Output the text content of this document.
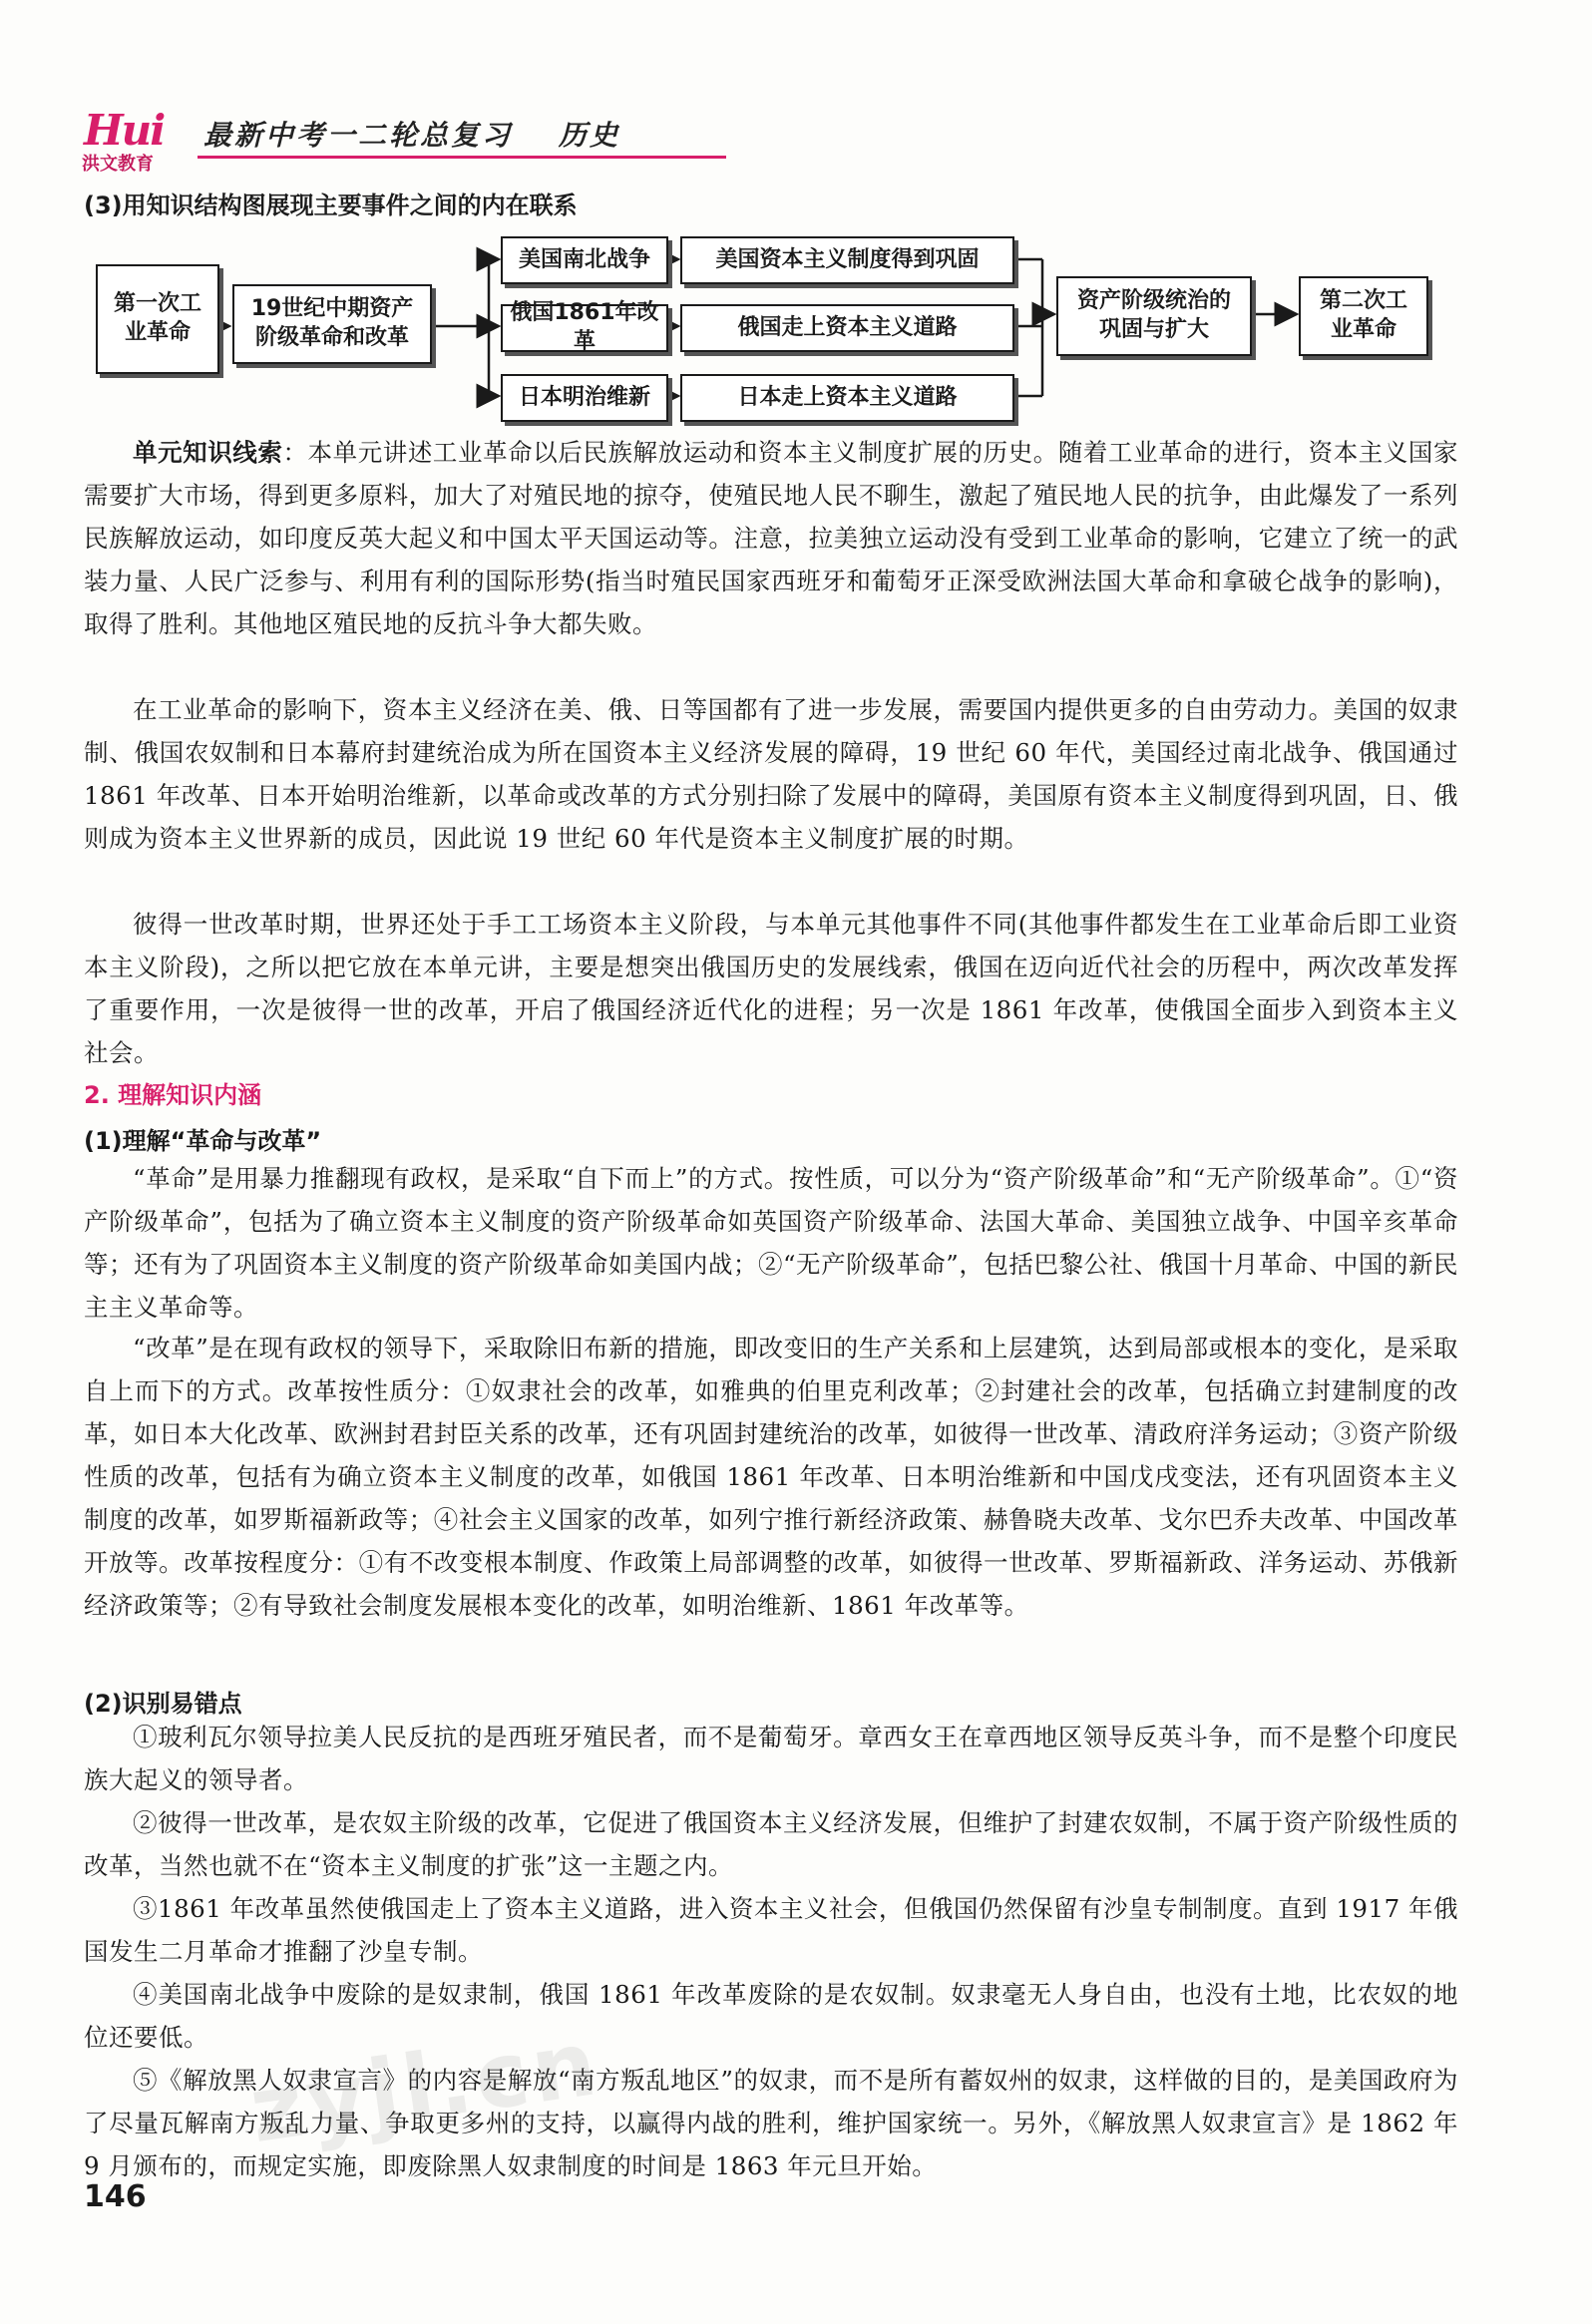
Hui
洪文教育
最新中考一二轮总复习 历史
(3)用知识结构图展现主要事件之间的内在联系
第一次工业革命
19世纪中期资产阶级革命和改革
美国南北战争
俄国1861年改革
日本明治维新
美国资本主义制度得到巩固
俄国走上资本主义道路
日本走上资本主义道路
资产阶级统治的巩固与扩大
第二次工业革命
单元知识线索：本单元讲述工业革命以后民族解放运动和资本主义制度扩展的历史。随着工业革命的进行，资本主义国家需要扩大市场，得到更多原料，加大了对殖民地的掠夺，使殖民地人民不聊生，激起了殖民地人民的抗争，由此爆发了一系列民族解放运动，如印度反英大起义和中国太平天国运动等。注意，拉美独立运动没有受到工业革命的影响，它建立了统一的武装力量、人民广泛参与、利用有利的国际形势(指当时殖民国家西班牙和葡萄牙正深受欧洲法国大革命和拿破仑战争的影响)，取得了胜利。其他地区殖民地的反抗斗争大都失败。
在工业革命的影响下，资本主义经济在美、俄、日等国都有了进一步发展，需要国内提供更多的自由劳动力。美国的奴隶制、俄国农奴制和日本幕府封建统治成为所在国资本主义经济发展的障碍，19 世纪 60 年代，美国经过南北战争、俄国通过 1861 年改革、日本开始明治维新，以革命或改革的方式分别扫除了发展中的障碍，美国原有资本主义制度得到巩固，日、俄则成为资本主义世界新的成员，因此说 19 世纪 60 年代是资本主义制度扩展的时期。
彼得一世改革时期，世界还处于手工工场资本主义阶段，与本单元其他事件不同(其他事件都发生在工业革命后即工业资本主义阶段)，之所以把它放在本单元讲，主要是想突出俄国历史的发展线索，俄国在迈向近代社会的历程中，两次改革发挥了重要作用，一次是彼得一世的改革，开启了俄国经济近代化的进程；另一次是 1861 年改革，使俄国全面步入到资本主义社会。
2. 理解知识内涵
(1)理解“革命与改革”
“革命”是用暴力推翻现有政权，是采取“自下而上”的方式。按性质，可以分为“资产阶级革命”和“无产阶级革命”。①“资产阶级革命”，包括为了确立资本主义制度的资产阶级革命如英国资产阶级革命、法国大革命、美国独立战争、中国辛亥革命等；还有为了巩固资本主义制度的资产阶级革命如美国内战；②“无产阶级革命”，包括巴黎公社、俄国十月革命、中国的新民主主义革命等。
“改革”是在现有政权的领导下，采取除旧布新的措施，即改变旧的生产关系和上层建筑，达到局部或根本的变化，是采取自上而下的方式。改革按性质分：①奴隶社会的改革，如雅典的伯里克利改革；②封建社会的改革，包括确立封建制度的改革，如日本大化改革、欧洲封君封臣关系的改革，还有巩固封建统治的改革，如彼得一世改革、清政府洋务运动；③资产阶级性质的改革，包括有为确立资本主义制度的改革，如俄国 1861 年改革、日本明治维新和中国戊戌变法，还有巩固资本主义制度的改革，如罗斯福新政等；④社会主义国家的改革，如列宁推行新经济政策、赫鲁晓夫改革、戈尔巴乔夫改革、中国改革开放等。改革按程度分：①有不改变根本制度、作政策上局部调整的改革，如彼得一世改革、罗斯福新政、洋务运动、苏俄新经济政策等；②有导致社会制度发展根本变化的改革，如明治维新、1861 年改革等。
(2)识别易错点
①玻利瓦尔领导拉美人民反抗的是西班牙殖民者，而不是葡萄牙。章西女王在章西地区领导反英斗争，而不是整个印度民族大起义的领导者。
②彼得一世改革，是农奴主阶级的改革，它促进了俄国资本主义经济发展，但维护了封建农奴制，不属于资产阶级性质的改革，当然也就不在“资本主义制度的扩张”这一主题之内。
③1861 年改革虽然使俄国走上了资本主义道路，进入资本主义社会，但俄国仍然保留有沙皇专制制度。直到 1917 年俄国发生二月革命才推翻了沙皇专制。
④美国南北战争中废除的是奴隶制，俄国 1861 年改革废除的是农奴制。奴隶毫无人身自由，也没有土地，比农奴的地位还要低。
⑤《解放黑人奴隶宣言》的内容是解放“南方叛乱地区”的奴隶，而不是所有蓄奴州的奴隶，这样做的目的，是美国政府为了尽量瓦解南方叛乱力量、争取更多州的支持，以赢得内战的胜利，维护国家统一。另外，《解放黑人奴隶宣言》是 1862 年 9 月颁布的，而规定实施，即废除黑人奴隶制度的时间是 1863 年元旦开始。
zyjl.cn
146
